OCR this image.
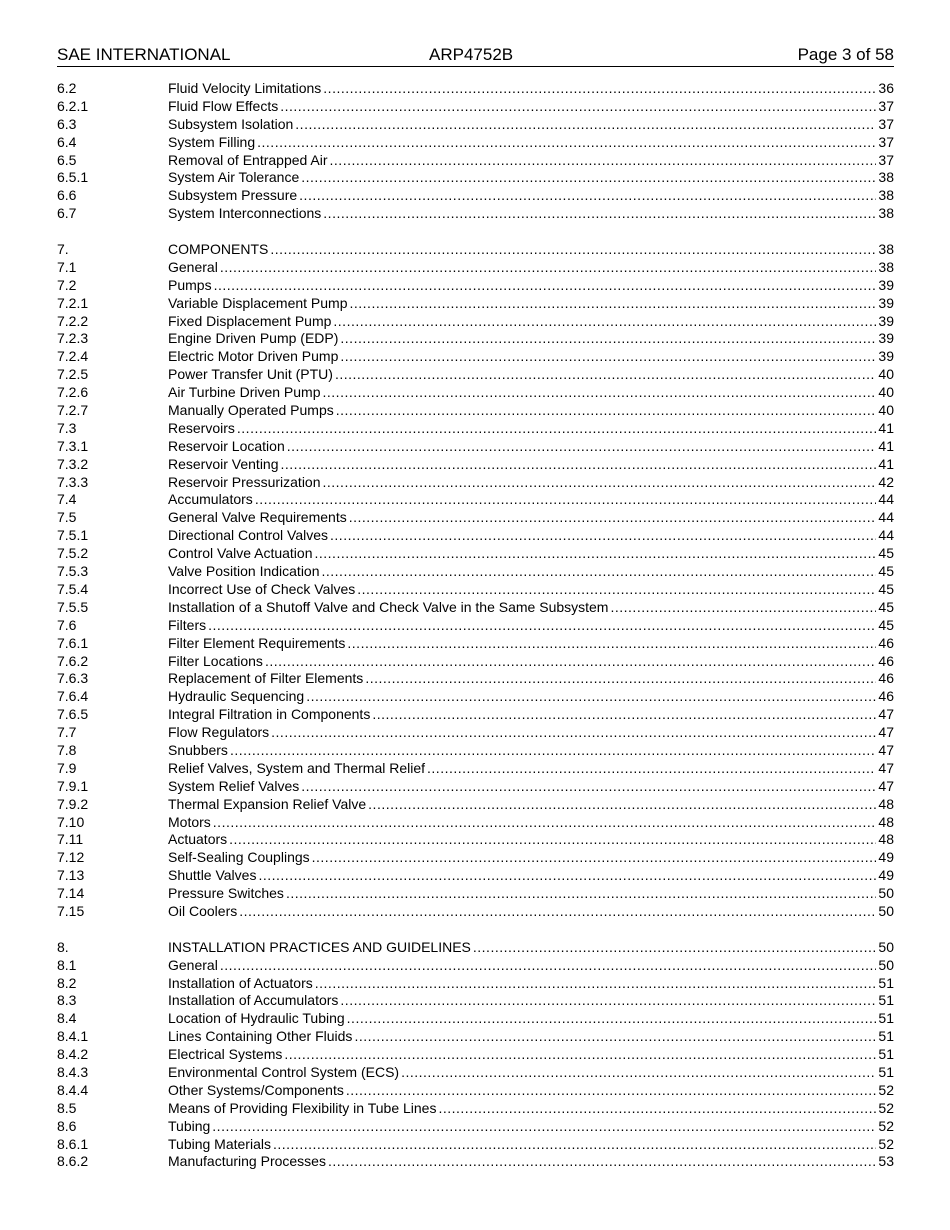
SAE INTERNATIONAL	ARP4752B	Page 3 of 58
6.2	Fluid Velocity Limitations .....	36
6.2.1	Fluid Flow Effects .....	37
6.3	Subsystem Isolation .....	37
6.4	System Filling .....	37
6.5	Removal of Entrapped Air .....	37
6.5.1	System Air Tolerance .....	38
6.6	Subsystem Pressure .....	38
6.7	System Interconnections .....	38
7.	COMPONENTS .....	38
7.1	General .....	38
7.2	Pumps .....	39
7.2.1	Variable Displacement Pump .....	39
7.2.2	Fixed Displacement Pump .....	39
7.2.3	Engine Driven Pump (EDP) .....	39
7.2.4	Electric Motor Driven Pump .....	39
7.2.5	Power Transfer Unit (PTU) .....	40
7.2.6	Air Turbine Driven Pump .....	40
7.2.7	Manually Operated Pumps .....	40
7.3	Reservoirs .....	41
7.3.1	Reservoir Location .....	41
7.3.2	Reservoir Venting .....	41
7.3.3	Reservoir Pressurization .....	42
7.4	Accumulators .....	44
7.5	General Valve Requirements .....	44
7.5.1	Directional Control Valves .....	44
7.5.2	Control Valve Actuation .....	45
7.5.3	Valve Position Indication .....	45
7.5.4	Incorrect Use of Check Valves .....	45
7.5.5	Installation of a Shutoff Valve and Check Valve in the Same Subsystem .....	45
7.6	Filters .....	45
7.6.1	Filter Element Requirements .....	46
7.6.2	Filter Locations .....	46
7.6.3	Replacement of Filter Elements .....	46
7.6.4	Hydraulic Sequencing .....	46
7.6.5	Integral Filtration in Components .....	47
7.7	Flow Regulators .....	47
7.8	Snubbers .....	47
7.9	Relief Valves, System and Thermal Relief .....	47
7.9.1	System Relief Valves .....	47
7.9.2	Thermal Expansion Relief Valve .....	48
7.10	Motors .....	48
7.11	Actuators .....	48
7.12	Self-Sealing Couplings .....	49
7.13	Shuttle Valves .....	49
7.14	Pressure Switches .....	50
7.15	Oil Coolers .....	50
8.	INSTALLATION PRACTICES AND GUIDELINES .....	50
8.1	General .....	50
8.2	Installation of Actuators .....	51
8.3	Installation of Accumulators .....	51
8.4	Location of Hydraulic Tubing .....	51
8.4.1	Lines Containing Other Fluids .....	51
8.4.2	Electrical Systems .....	51
8.4.3	Environmental Control System (ECS) .....	51
8.4.4	Other Systems/Components .....	52
8.5	Means of Providing Flexibility in Tube Lines .....	52
8.6	Tubing .....	52
8.6.1	Tubing Materials .....	52
8.6.2	Manufacturing Processes .....	53
